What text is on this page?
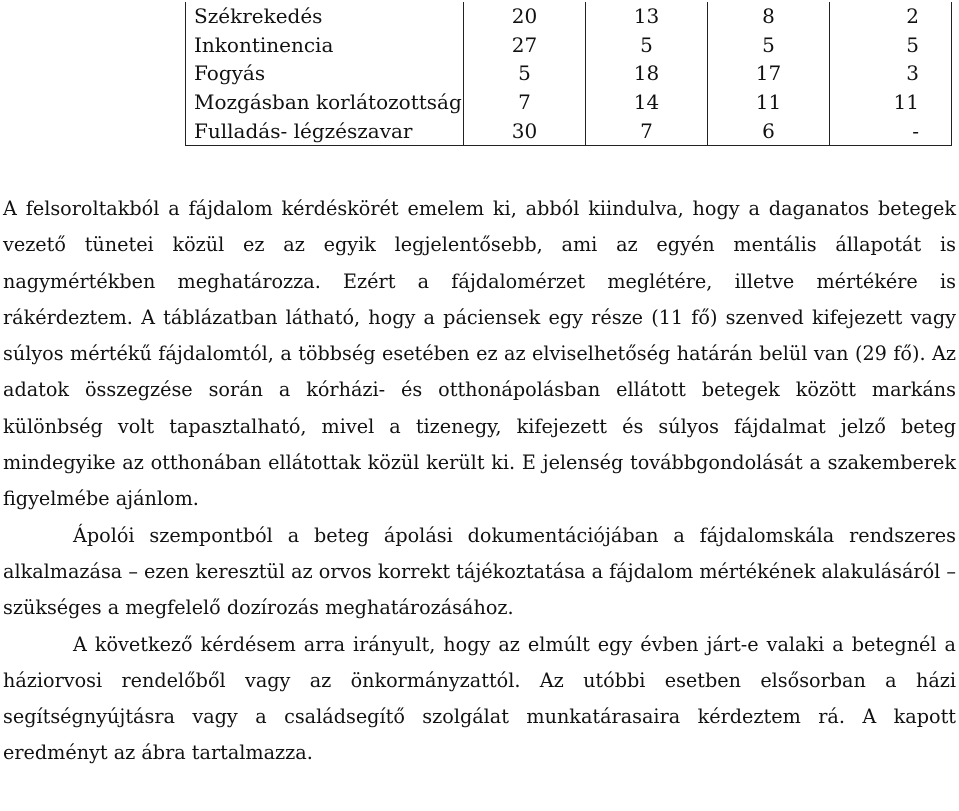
Székrekedés	20	13	8	2
Inkontinencia	27	5	5	5
Fogyás	5	18	17	3
Mozgásban korlátozottság	7	14	11	11
Fulladás- légzészavar	30	7	6	-

A felsoroltakból a fájdalom kérdéskörét emelem ki, abból kiindulva, hogy a daganatos betegek vezető tünetei közül ez az egyik legjelentősebb, ami az egyén mentális állapotát is nagymértékben meghatározza. Ezért a fájdalomérzet meglétére, illetve mértékére is rákérdeztem. A táblázatban látható, hogy a páciensek egy része (11 fő) szenved kifejezett vagy súlyos mértékű fájdalomtól, a többség esetében ez az elviselhetőség határán belül van (29 fő). Az adatok összegzése során a kórházi- és otthonápolásban ellátott betegek között markáns különbség volt tapasztalható, mivel a tizenegy, kifejezett és súlyos fájdalmat jelző beteg mindegyike az otthonában ellátottak közül került ki. E jelenség továbbgondolását a szakemberek figyelmébe ajánlom.

Ápolói szempontból a beteg ápolási dokumentációjában a fájdalomskála rendszeres alkalmazása – ezen keresztül az orvos korrekt tájékoztatása a fájdalom mértékének alakulásáról – szükséges a megfelelő dozírozás meghatározásához.

A következő kérdésem arra irányult, hogy az elmúlt egy évben járt-e valaki a betegnél a háziorvosi rendelőből vagy az önkormányzattól. Az utóbbi esetben elsősorban a házi segítségnyújtásra vagy a családsegítő szolgálat munkatárasaira kérdeztem rá. A kapott eredményt az ábra tartalmazza.
